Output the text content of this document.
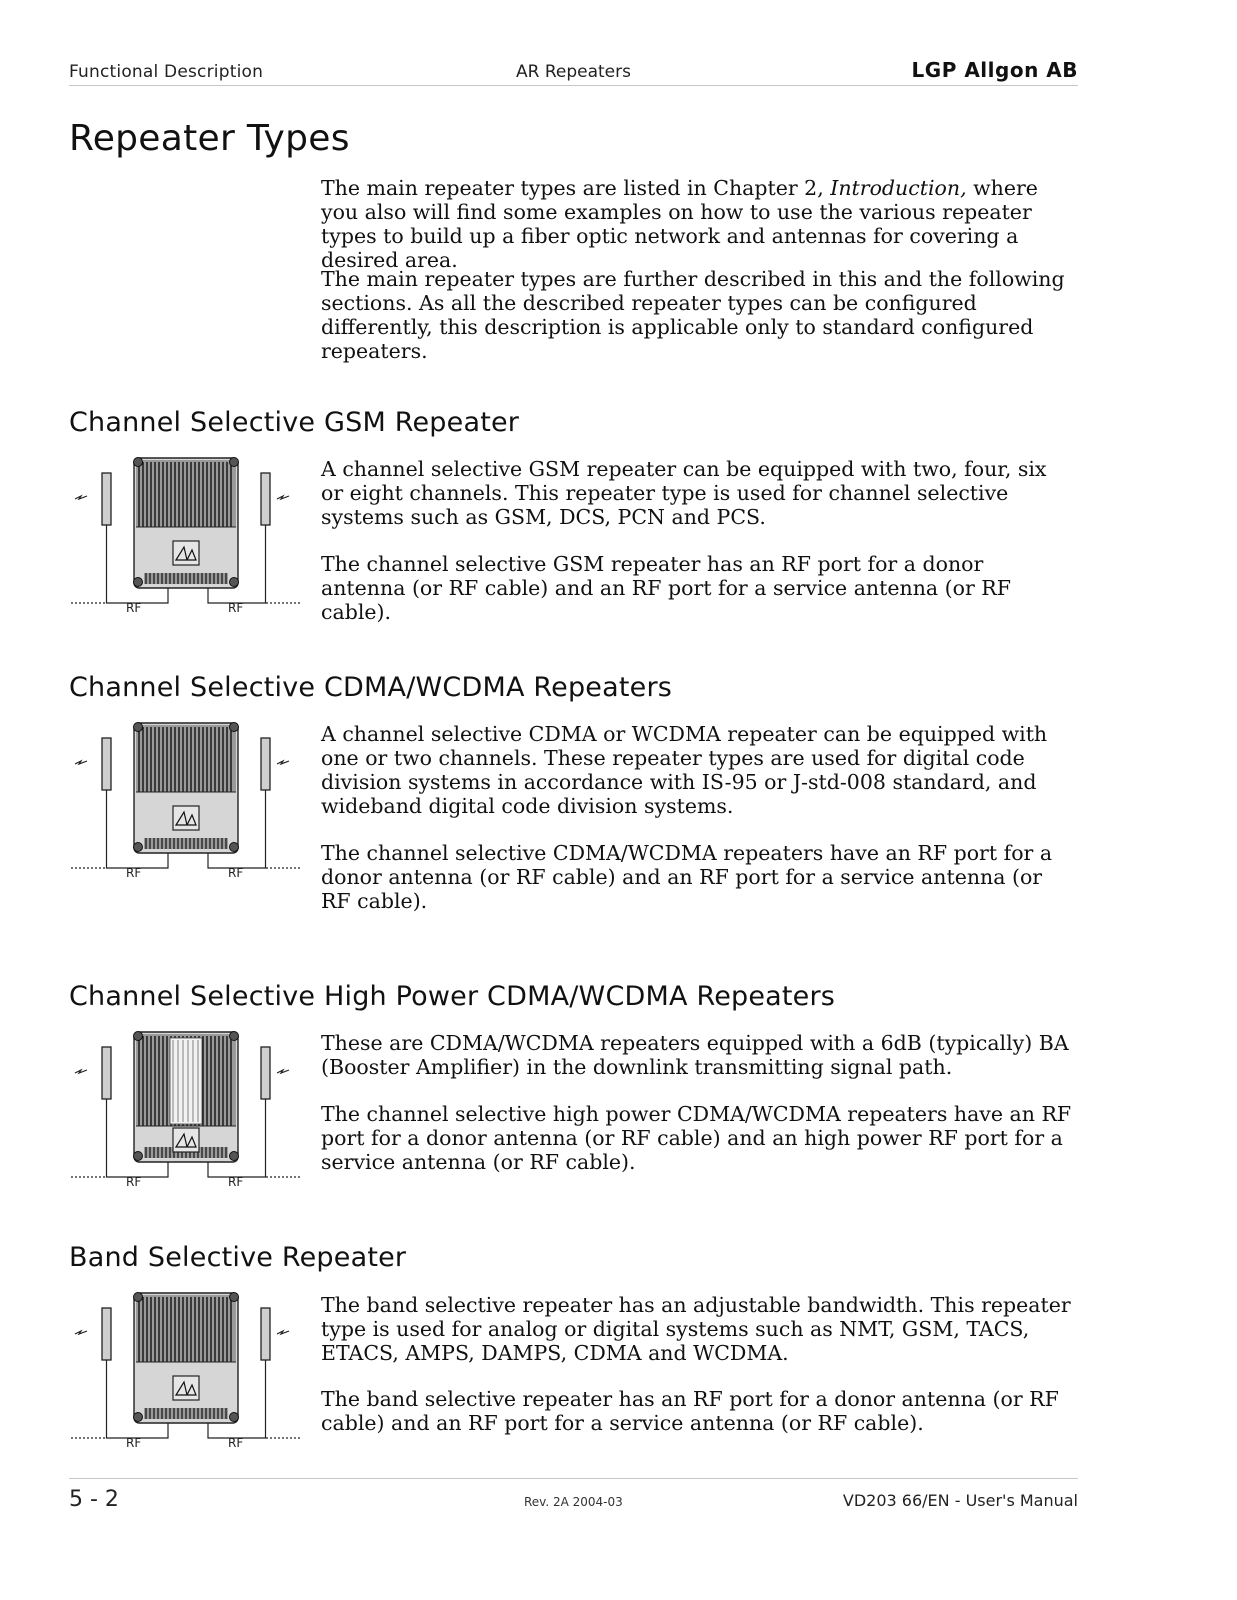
Functional Description	AR Repeaters	LGP Allgon AB
Repeater Types

The main repeater types are listed in Chapter 2, Introduction, where you also will find some examples on how to use the various repeater types to build up a fiber optic network and antennas for covering a desired area.

The main repeater types are further described in this and the following sections. As all the described repeater types can be configured differently, this description is applicable only to standard configured repeaters.

Channel Selective GSM Repeater

A channel selective GSM repeater can be equipped with two, four, six or eight channels. This repeater type is used for channel selective systems such as GSM, DCS, PCN and PCS.

The channel selective GSM repeater has an RF port for a donor antenna (or RF cable) and an RF port for a service antenna (or RF cable).

RF	RF
Channel Selective CDMA/WCDMA Repeaters

A channel selective CDMA or WCDMA repeater can be equipped with one or two channels. These repeater types are used for digital code division systems in accordance with IS-95 or J-std-008 standard, and wideband digital code division systems.

The channel selective CDMA/WCDMA repeaters have an RF port for a donor antenna (or RF cable) and an RF port for a service antenna (or RF cable).

RF	RF
Channel Selective High Power CDMA/WCDMA Repeaters

These are CDMA/WCDMA repeaters equipped with a 6dB (typically) BA (Booster Amplifier) in the downlink transmitting signal path.

The channel selective high power CDMA/WCDMA repeaters have an RF port for a donor antenna (or RF cable) and an high power RF port for a service antenna (or RF cable).

RF	RF
Band Selective Repeater

The band selective repeater has an adjustable bandwidth. This repeater type is used for analog or digital systems such as NMT, GSM, TACS, ETACS, AMPS, DAMPS, CDMA and WCDMA.

The band selective repeater has an RF port for a donor antenna (or RF cable) and an RF port for a service antenna (or RF cable).

RF	RF
5 - 2	Rev. 2A 2004-03	VD203 66/EN - User's Manual
